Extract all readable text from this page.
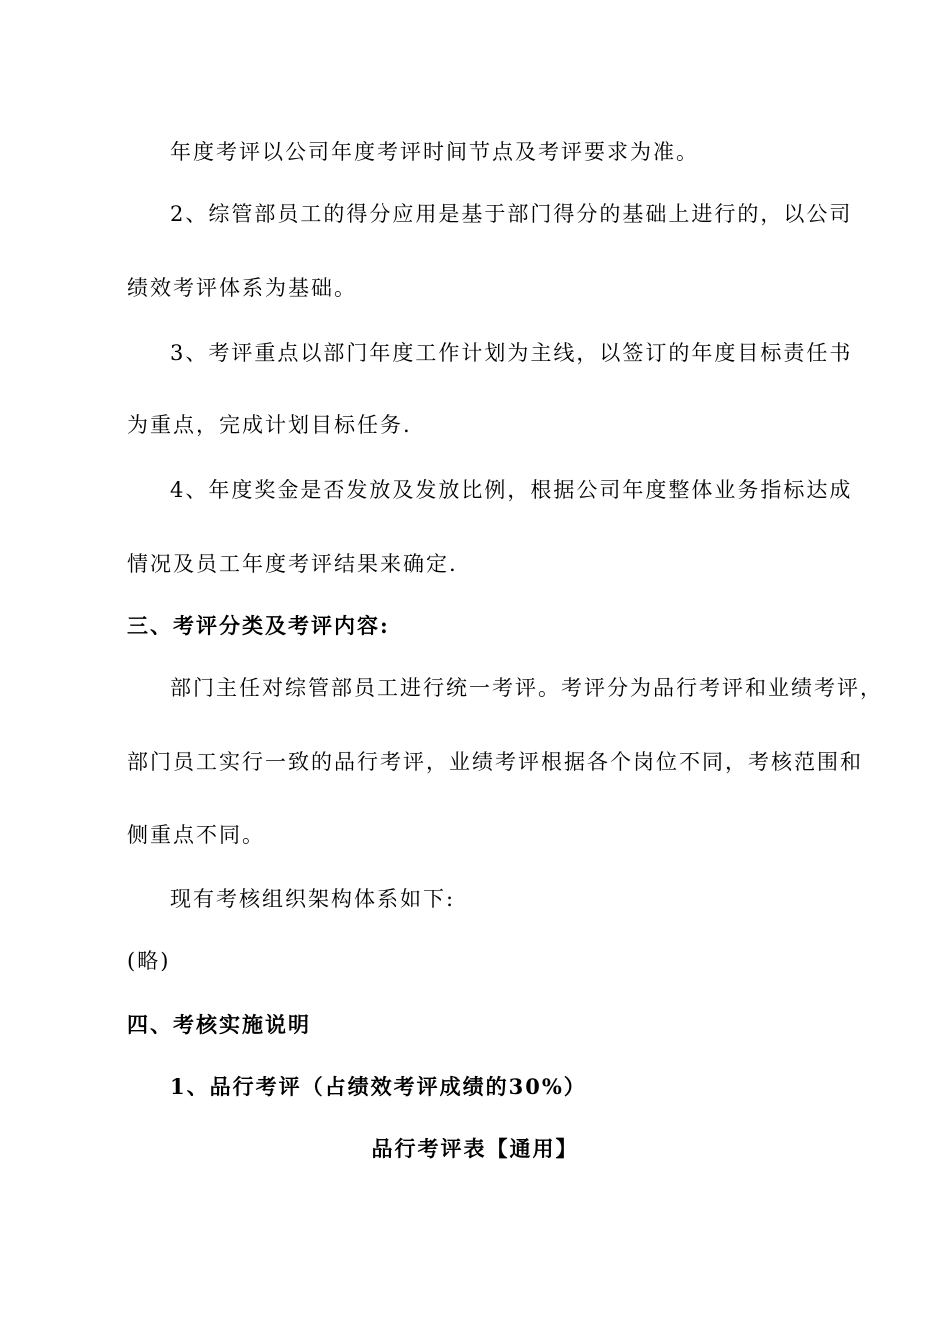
年度考评以公司年度考评时间节点及考评要求为准。
2、综管部员工的得分应用是基于部门得分的基础上进行的，以公司
绩效考评体系为基础。
3、考评重点以部门年度工作计划为主线，以签订的年度目标责任书
为重点，完成计划目标任务.
4、年度奖金是否发放及发放比例，根据公司年度整体业务指标达成
情况及员工年度考评结果来确定.
三、考评分类及考评内容:
部门主任对综管部员工进行统一考评。考评分为品行考评和业绩考评，
部门员工实行一致的品行考评，业绩考评根据各个岗位不同，考核范围和
侧重点不同。
现有考核组织架构体系如下:
(略)
四、考核实施说明
1、品行考评（占绩效考评成绩的30%）
品行考评表【通用】
